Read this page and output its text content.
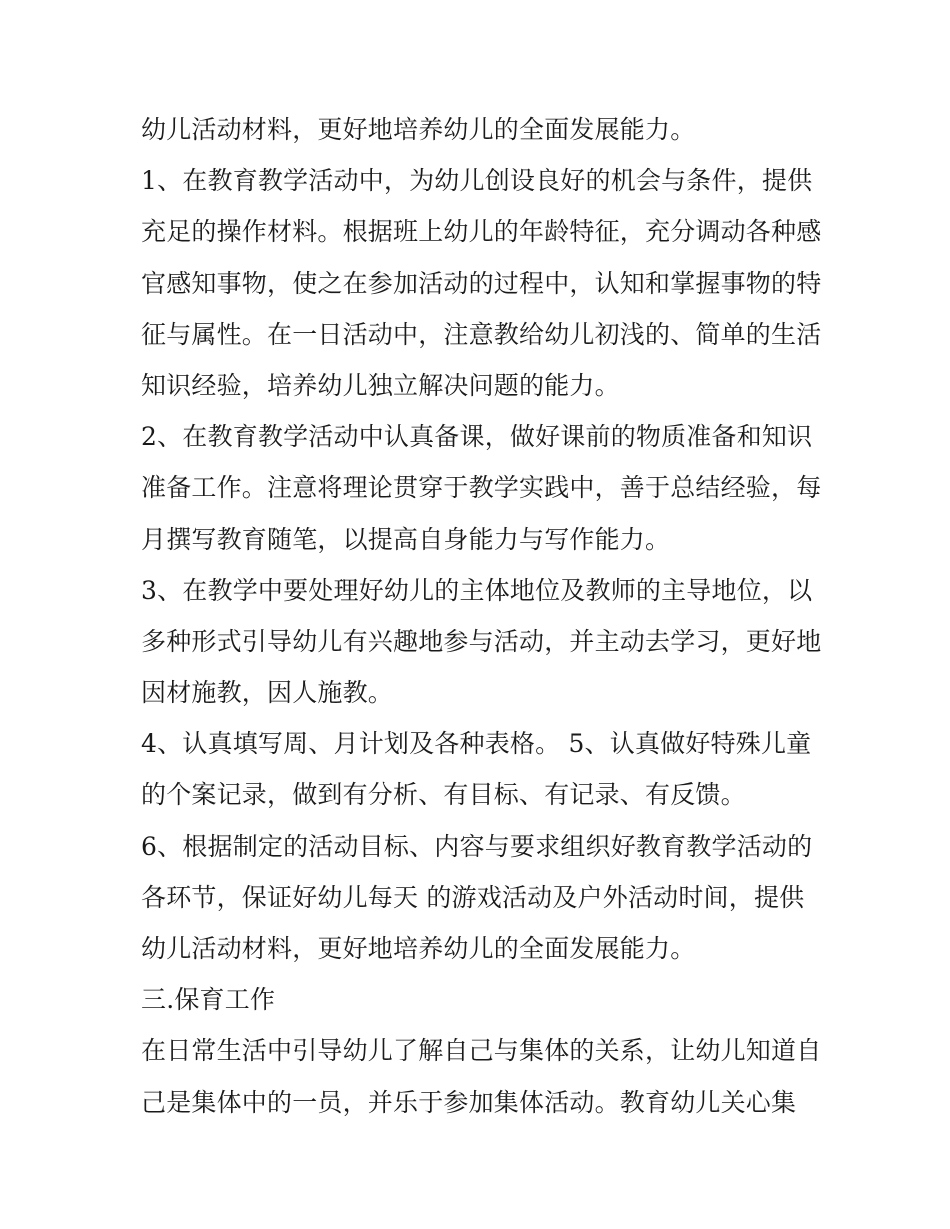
幼儿活动材料，更好地培养幼儿的全面发展能力。
1、在教育教学活动中，为幼儿创设良好的机会与条件，提供
充足的操作材料。根据班上幼儿的年龄特征，充分调动各种感
官感知事物，使之在参加活动的过程中，认知和掌握事物的特
征与属性。在一日活动中，注意教给幼儿初浅的、简单的生活
知识经验，培养幼儿独立解决问题的能力。
2、在教育教学活动中认真备课，做好课前的物质准备和知识
准备工作。注意将理论贯穿于教学实践中，善于总结经验，每
月撰写教育随笔，以提高自身能力与写作能力。
3、在教学中要处理好幼儿的主体地位及教师的主导地位，以
多种形式引导幼儿有兴趣地参与活动，并主动去学习，更好地
因材施教，因人施教。
4、认真填写周、月计划及各种表格。 5、认真做好特殊儿童
的个案记录，做到有分析、有目标、有记录、有反馈。
6、根据制定的活动目标、内容与要求组织好教育教学活动的
各环节，保证好幼儿每天 的游戏活动及户外活动时间，提供
幼儿活动材料，更好地培养幼儿的全面发展能力。
三.保育工作
在日常生活中引导幼儿了解自己与集体的关系，让幼儿知道自
己是集体中的一员，并乐于参加集体活动。教育幼儿关心集
